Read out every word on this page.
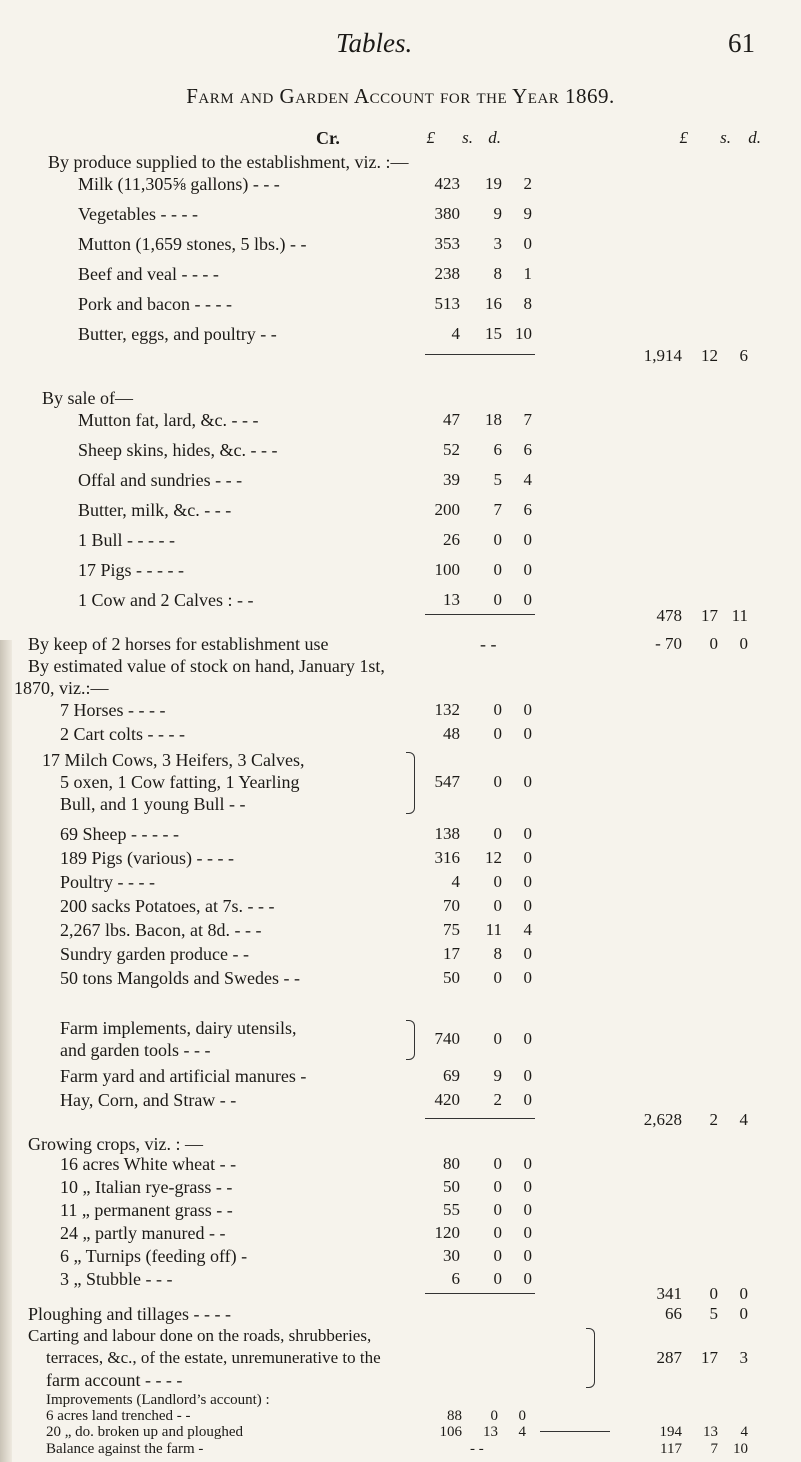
Tables.	61
Farm and Garden Account for the Year 1869.
Cr.	£	s. d.	£	s.	d.
By produce supplied to the establishment, viz. :—
Milk (11,305⅝ gallons) - - -	423	19	2
Vegetables - - - -	380	9	9
Mutton (1,659 stones, 5 lbs.) - -	353	3	0
Beef and veal - - - -	238	8	1
Pork and bacon - - - -	513	16	8
Butter, eggs, and poultry - -	4	15 10
1,914	12	6
By sale of—
Mutton fat, lard, &c. - - -	47	18	7
Sheep skins, hides, &c. - - -	52	6	6
Offal and sundries - - -	39	5	4
Butter, milk, &c. - - -	200	7	6
1 Bull - - - - -	26	0	0
17 Pigs - - - - -	100	0	0
1 Cow and 2 Calves : - -	13	0	0
478	17 11
By keep of 2 horses for establishment use	- -	- 70	0	0
By estimated value of stock on hand, January 1st,
1870, viz.:—
7 Horses - - - -	132	0	0
2 Cart colts - - - -	48	0	0
17 Milch Cows, 3 Heifers, 3 Calves,
5 oxen, 1 Cow fatting, 1 Yearling
Bull, and 1 young Bull - -
547	0	0
69 Sheep - - - - -	138	0	0
189 Pigs (various) - - - -	316	12	0
Poultry - - - -	4	0	0
200 sacks Potatoes, at 7s. - - -	70	0	0
2,267 lbs. Bacon, at 8d. - - -	75	11	4
Sundry garden produce - -	17	8	0
50 tons Mangolds and Swedes - -	50	0	0
Farm implements, dairy utensils,
and garden tools - - -
740	0	0
Farm yard and artificial manures -	69	9	0
Hay, Corn, and Straw - -	420	2	0
2,628	2	4
Growing crops, viz. : —
16 acres White wheat - -	80	0	0
10 „ Italian rye-grass - -	50	0	0
11 „ permanent grass - -	55	0	0
24 „ partly manured - -	120	0	0
6 „ Turnips (feeding off) -	30	0	0
3 „ Stubble - - -	6	0	0
341	0	0
Ploughing and tillages - - - -	66	5	0
Carting and labour done on the roads, shrubberies,
terraces, &c., of the estate, unremunerative to the
farm account - - - -
287	17	3
Improvements (Landlord’s account) :
6 acres land trenched - -	88	0	0
20 „ do. broken up and ploughed	106	13	4	194	13	4
Balance against the farm -	- -	117	7	10
